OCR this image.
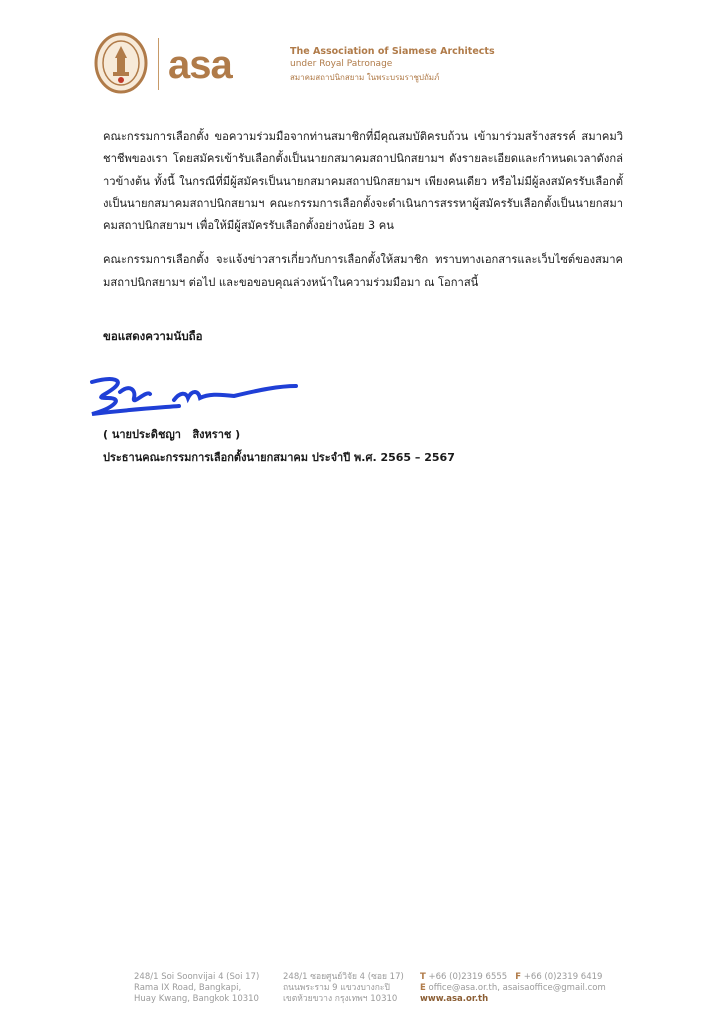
asa	The Association of Siamese Architects
under Royal Patronage
สมาคมสถาปนิกสยาม ในพระบรมราชูปถัมภ์

คณะกรรมการเลือกตั้ง ขอความร่วมมือจากท่านสมาชิกที่มีคุณสมบัติครบถ้วน เข้ามาร่วมสร้างสรรค์ สมาคมวิชาชีพของเรา โดยสมัครเข้ารับเลือกตั้งเป็นนายกสมาคมสถาปนิกสยามฯ ดังรายละเอียดและกำหนดเวลาดังกล่าวข้างต้น ทั้งนี้ ในกรณีที่มีผู้สมัครเป็นนายกสมาคมสถาปนิกสยามฯ เพียงคนเดียว หรือไม่มีผู้ลงสมัครรับเลือกตั้งเป็นนายกสมาคมสถาปนิกสยามฯ คณะกรรมการเลือกตั้งจะดำเนินการสรรหาผู้สมัครรับเลือกตั้งเป็นนายกสมาคมสถาปนิกสยามฯ เพื่อให้มีผู้สมัครรับเลือกตั้งอย่างน้อย 3 คน

คณะกรรมการเลือกตั้ง จะแจ้งข่าวสารเกี่ยวกับการเลือกตั้งให้สมาชิก ทราบทางเอกสารและเว็บไซต์ของสมาคมสถาปนิกสยามฯ ต่อไป และขอขอบคุณล่วงหน้าในความร่วมมือมา ณ โอกาสนี้

ขอแสดงความนับถือ
( นายประดิชญา   สิงหราช )
ประธานคณะกรรมการเลือกตั้งนายกสมาคม ประจำปี พ.ศ. 2565 – 2567
248/1 Soi Soonvijai 4 (Soi 17)
Rama IX Road, Bangkapi,
Huay Kwang, Bangkok 10310
248/1 ซอยศูนย์วิจัย 4 (ซอย 17)
ถนนพระราม 9 แขวงบางกะปิ
เขตห้วยขวาง กรุงเทพฯ 10310
T +66 (0)2319 6555 F +66 (0)2319 6419
E office@asa.or.th, asaisaoffice@gmail.com
www.asa.or.th
